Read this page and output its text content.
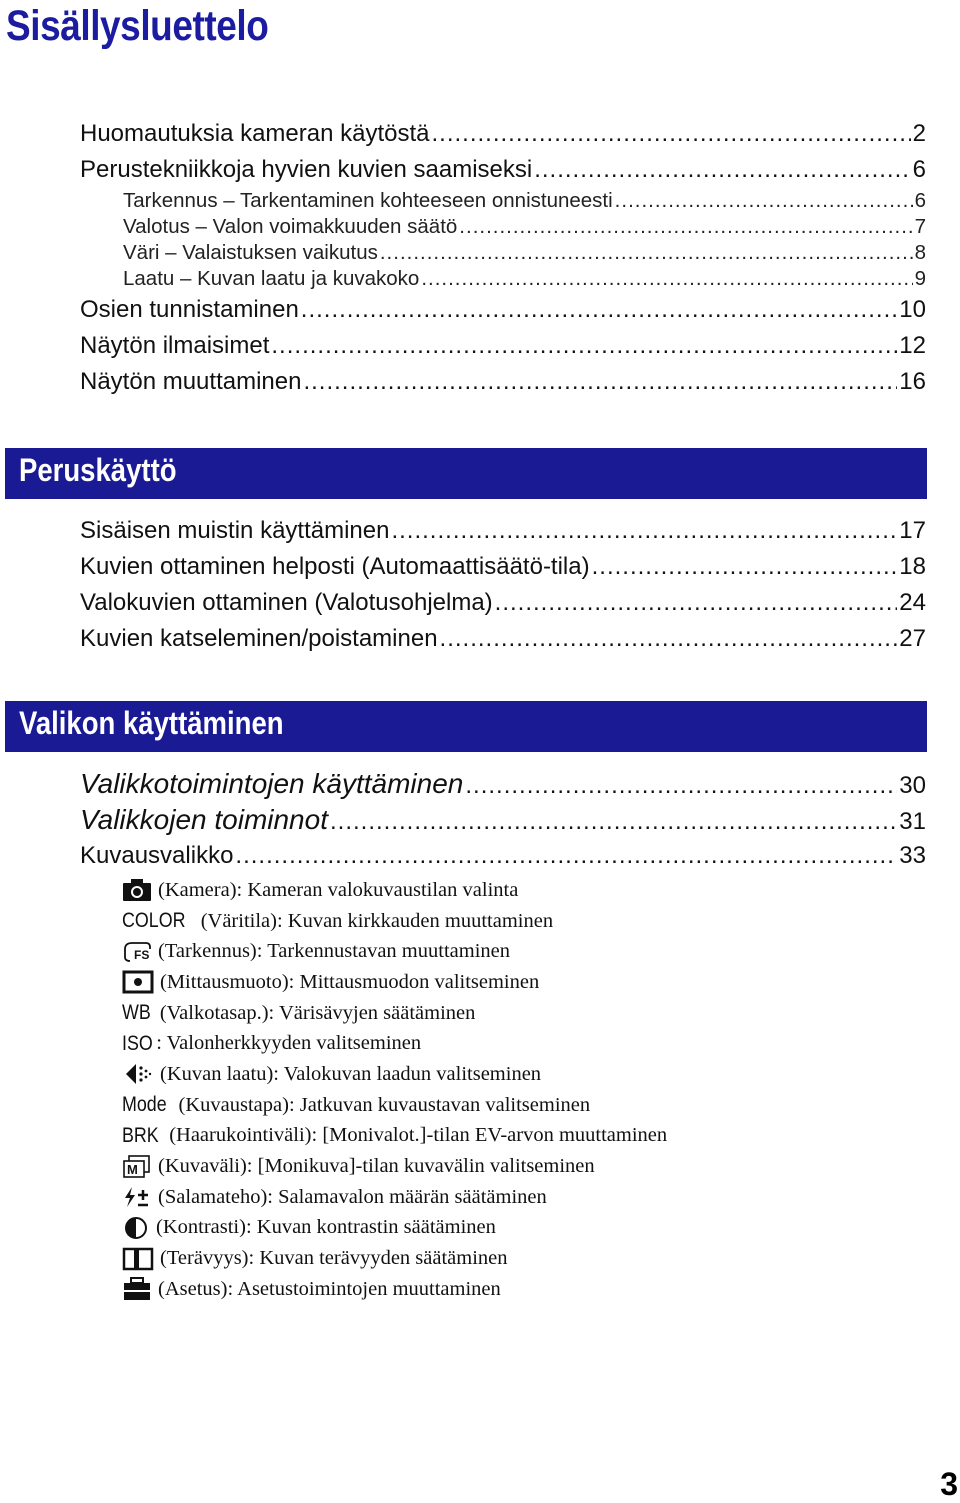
Sisällysluettelo
Huomautuksia kameran käytöstä .....	2
Perustekniikkoja hyvien kuvien saamiseksi .....	6
Tarkennus – Tarkentaminen kohteeseen onnistuneesti .....	6
Valotus – Valon voimakkuuden säätö .....	7
Väri – Valaistuksen vaikutus .....	8
Laatu – Kuvan laatu ja kuvakoko .....	9
Osien tunnistaminen .....	10
Näytön ilmaisimet .....	12
Näytön muuttaminen .....	16
Peruskäyttö
Sisäisen muistin käyttäminen .....	17
Kuvien ottaminen helposti (Automaattisäätö-tila) .....	18
Valokuvien ottaminen (Valotusohjelma) .....	24
Kuvien katseleminen/poistaminen .....	27
Valikon käyttäminen
Valikkotoimintojen käyttäminen .....	30
Valikkojen toiminnot .....	31
Kuvausvalikko .....	33
(Kamera): Kameran valokuvaustilan valinta
COLOR (Väritila): Kuvan kirkkauden muuttaminen
FS (Tarkennus): Tarkennustavan muuttaminen
(Mittausmuoto): Mittausmuodon valitseminen
WB (Valkotasap.): Värisävyjen säätäminen
ISO : Valonherkkyyden valitseminen
(Kuvan laatu): Valokuvan laadun valitseminen
Mode (Kuvaustapa): Jatkuvan kuvaustavan valitseminen
BRK (Haarukointiväli): [Monivalot.]-tilan EV-arvon muuttaminen
M (Kuvaväli): [Monikuva]-tilan kuvavälin valitseminen
(Salamateho): Salamavalon määrän säätäminen
(Kontrasti): Kuvan kontrastin säätäminen
(Terävyys): Kuvan terävyyden säätäminen
(Asetus): Asetustoimintojen muuttaminen
3
